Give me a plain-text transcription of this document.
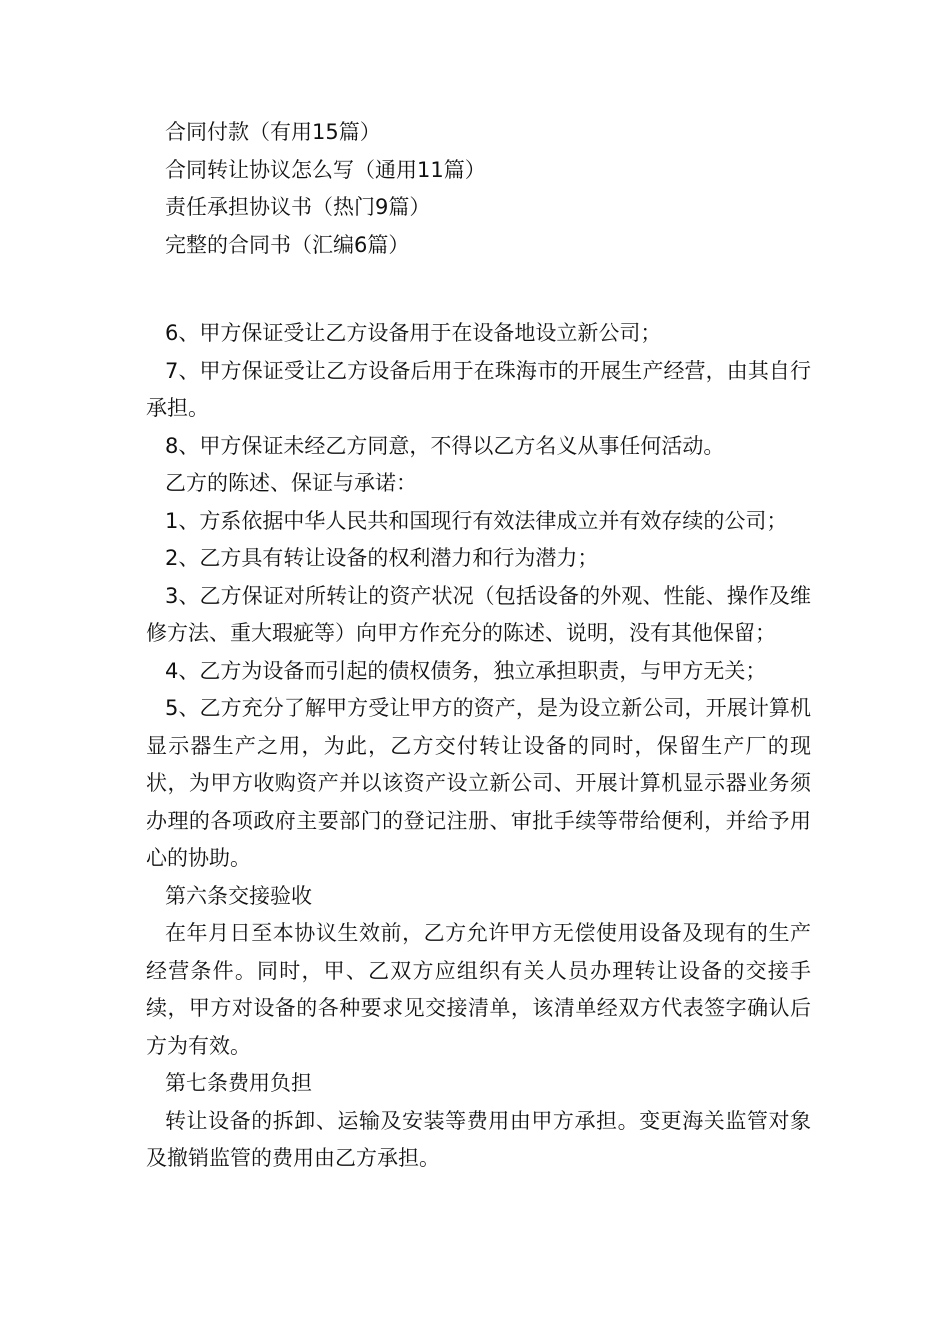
合同付款（有用15篇）
合同转让协议怎么写（通用11篇）
责任承担协议书（热门9篇）
完整的合同书（汇编6篇）

6、甲方保证受让乙方设备用于在设备地设立新公司；

7、甲方保证受让乙方设备后用于在珠海市的开展生产经营，由其自行承担。

8、甲方保证未经乙方同意，不得以乙方名义从事任何活动。

乙方的陈述、保证与承诺：

1、方系依据中华人民共和国现行有效法律成立并有效存续的公司；

2、乙方具有转让设备的权利潜力和行为潜力；

3、乙方保证对所转让的资产状况（包括设备的外观、性能、操作及维修方法、重大瑕疵等）向甲方作充分的陈述、说明，没有其他保留；

4、乙方为设备而引起的债权债务，独立承担职责，与甲方无关；

5、乙方充分了解甲方受让甲方的资产，是为设立新公司，开展计算机显示器生产之用，为此，乙方交付转让设备的同时，保留生产厂的现状，为甲方收购资产并以该资产设立新公司、开展计算机显示器业务须办理的各项政府主要部门的登记注册、审批手续等带给便利，并给予用心的协助。

第六条交接验收

在年月日至本协议生效前，乙方允许甲方无偿使用设备及现有的生产经营条件。同时，甲、乙双方应组织有关人员办理转让设备的交接手续，甲方对设备的各种要求见交接清单，该清单经双方代表签字确认后方为有效。

第七条费用负担

转让设备的拆卸、运输及安装等费用由甲方承担。变更海关监管对象及撤销监管的费用由乙方承担。
